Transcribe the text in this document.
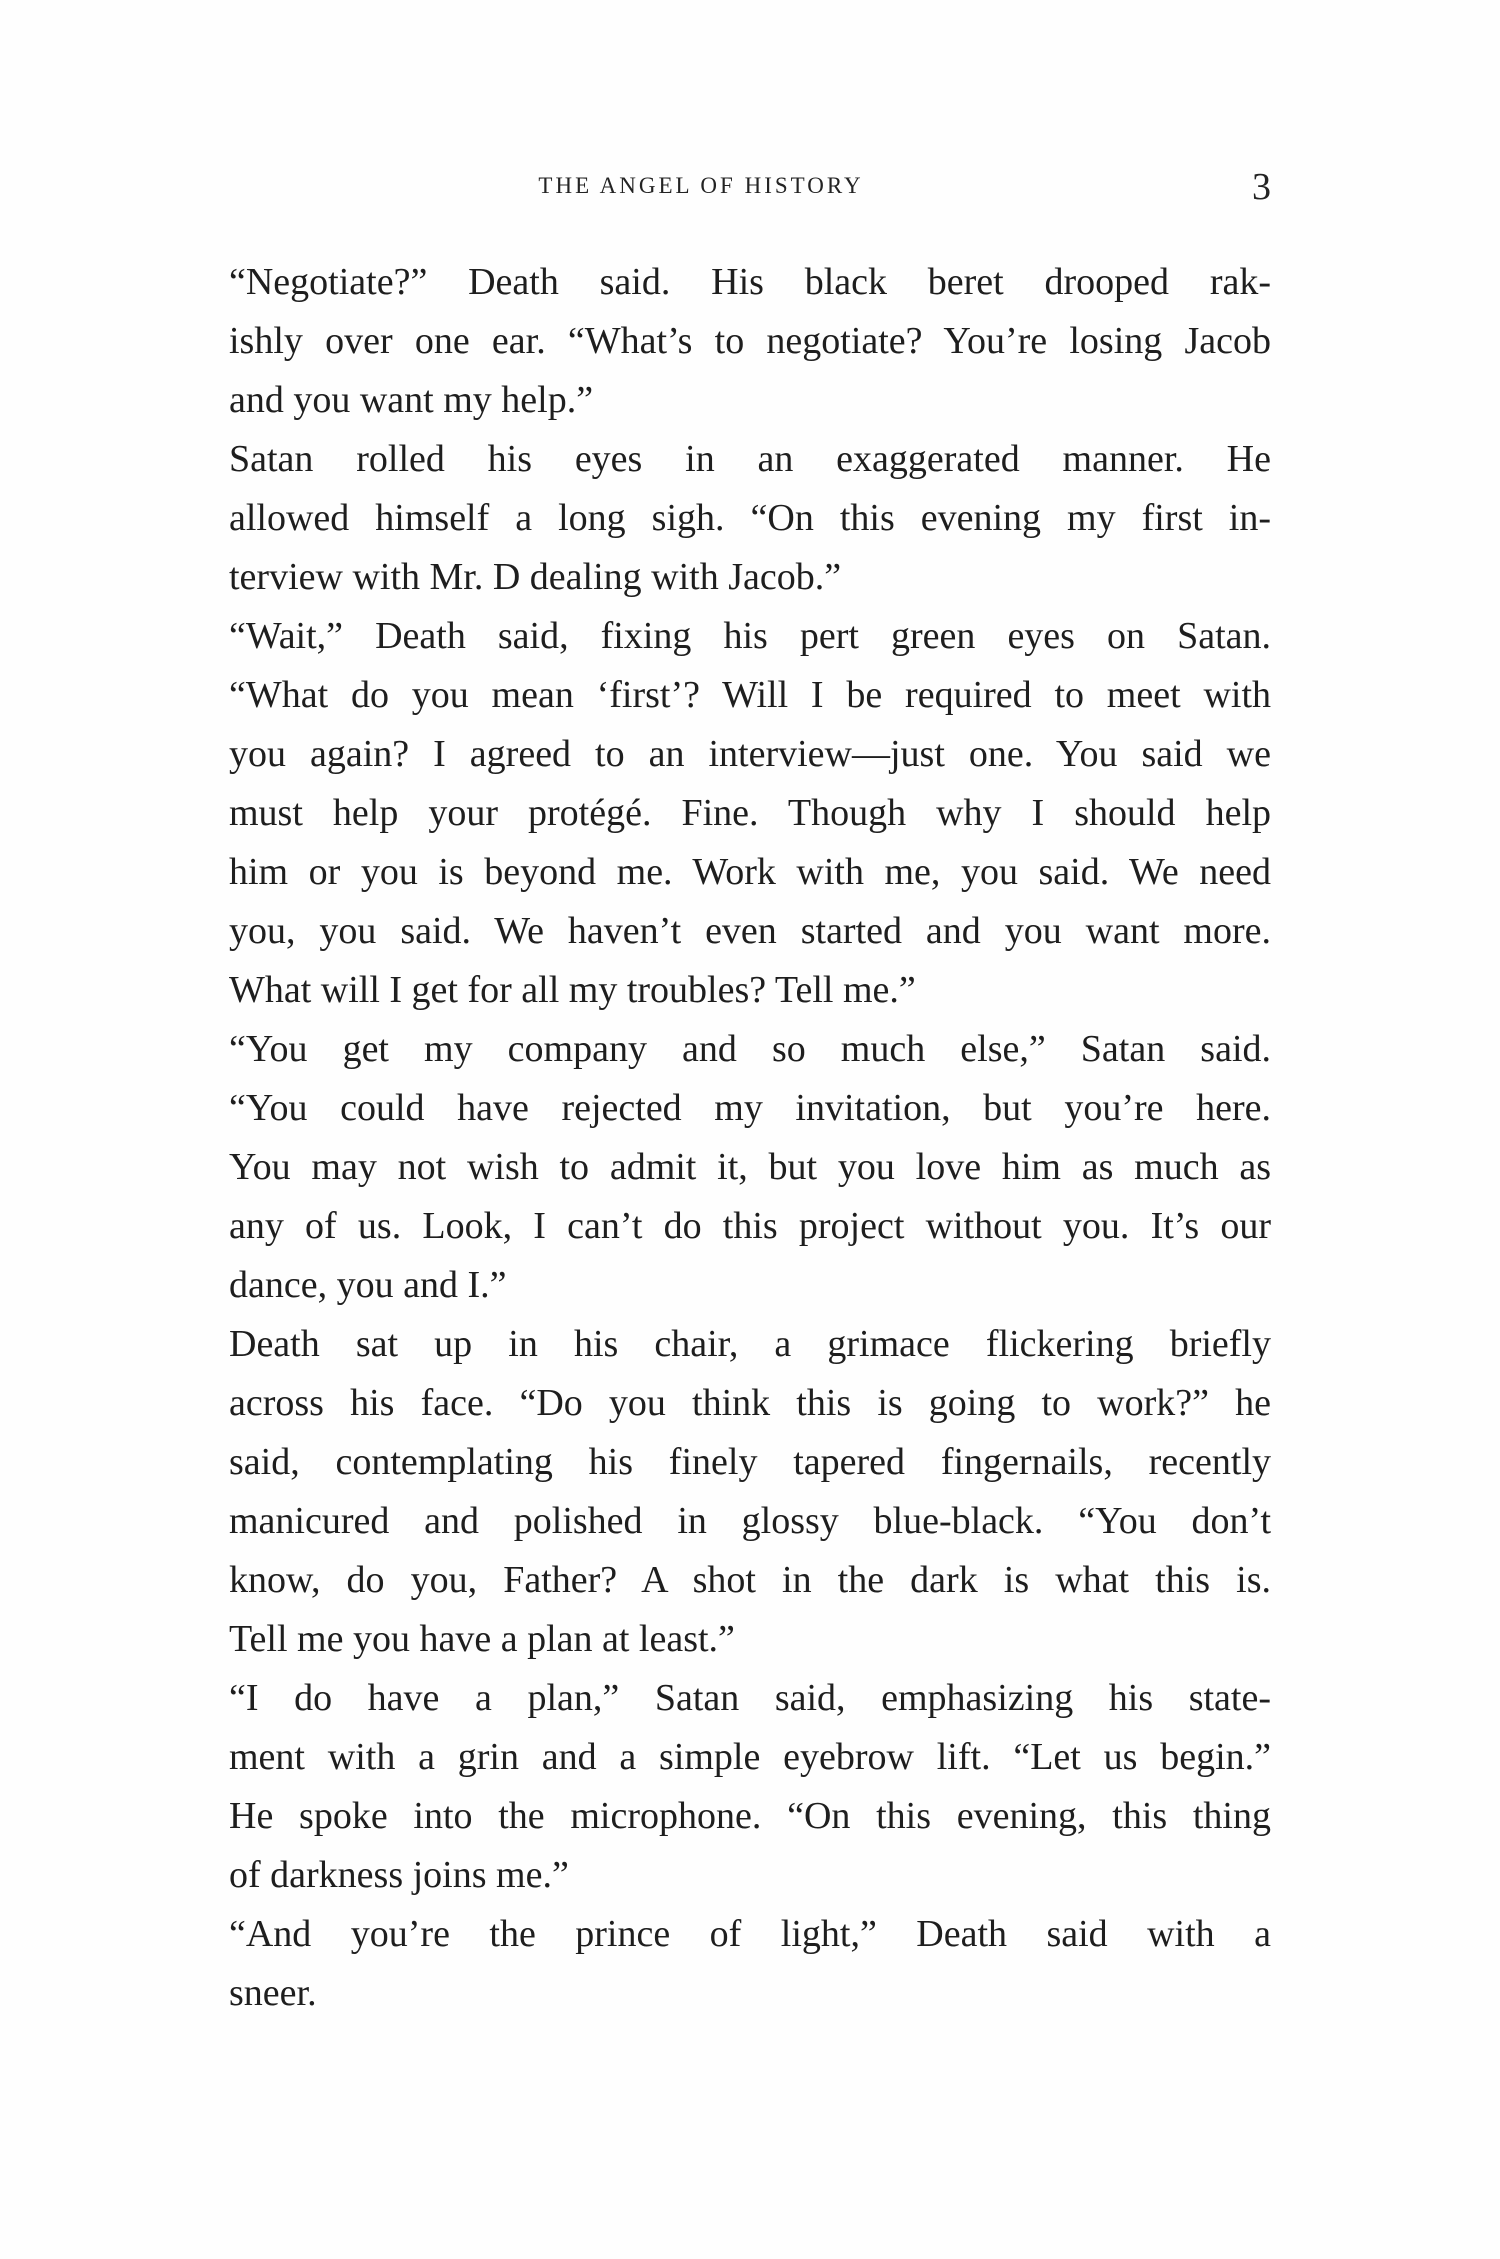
THE ANGEL OF HISTORY	3

“Negotiate?” Death said. His black beret drooped rak-
ishly over one ear. “What’s to negotiate? You’re losing Jacob
and you want my help.”

Satan rolled his eyes in an exaggerated manner. He
allowed himself a long sigh. “On this evening my first in-
terview with Mr. D dealing with Jacob.”

“Wait,” Death said, fixing his pert green eyes on Satan.
“What do you mean ‘first’? Will I be required to meet with
you again? I agreed to an interview—just one. You said we
must help your protégé. Fine. Though why I should help
him or you is beyond me. Work with me, you said. We need
you, you said. We haven’t even started and you want more.
What will I get for all my troubles? Tell me.”

“You get my company and so much else,” Satan said.
“You could have rejected my invitation, but you’re here.
You may not wish to admit it, but you love him as much as
any of us. Look, I can’t do this project without you. It’s our
dance, you and I.”

Death sat up in his chair, a grimace flickering briefly
across his face. “Do you think this is going to work?” he
said, contemplating his finely tapered fingernails, recently
manicured and polished in glossy blue-black. “You don’t
know, do you, Father? A shot in the dark is what this is.
Tell me you have a plan at least.”

“I do have a plan,” Satan said, emphasizing his state-
ment with a grin and a simple eyebrow lift. “Let us begin.”
He spoke into the microphone. “On this evening, this thing
of darkness joins me.”

“And you’re the prince of light,” Death said with a
sneer.
